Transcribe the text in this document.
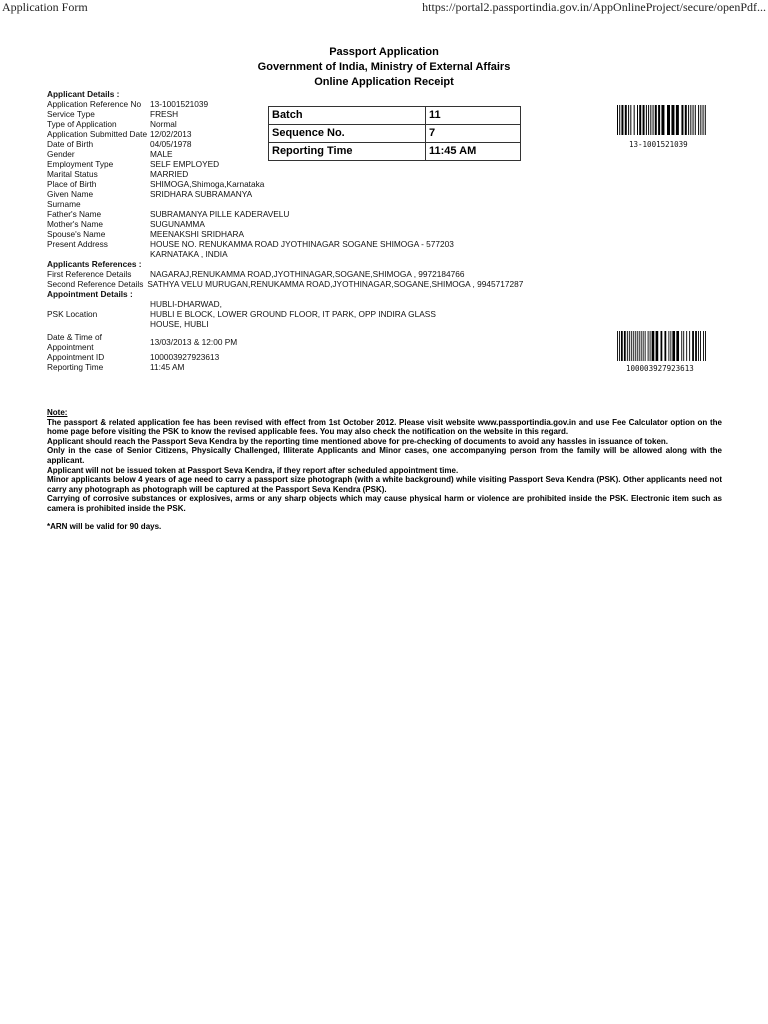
Application Form	https://portal2.passportindia.gov.in/AppOnlineProject/secure/openPdf...
Passport Application
Government of India, Ministry of External Affairs
Online Application Receipt
Applicant Details :
Application Reference No	13-1001521039
Service Type	FRESH
Type of Application	Normal
Application Submitted Date 12/02/2013
Date of Birth	04/05/1978
Gender	MALE
Employment Type	SELF EMPLOYED
Marital Status	MARRIED
Place of Birth	SHIMOGA,Shimoga,Karnataka
Given Name	SRIDHARA SUBRAMANYA
Surname
Father's Name	SUBRAMANYA PILLE KADERAVELU
Mother's Name	SUGUNAMMA
Spouse's Name	MEENAKSHI SRIDHARA
Present Address	HOUSE NO. RENUKAMMA ROAD JYOTHINAGAR SOGANE SHIMOGA - 577203
KARNATAKA , INDIA
Applicants References :
First Reference Details	NAGARAJ,RENUKAMMA ROAD,JYOTHINAGAR,SOGANE,SHIMOGA , 9972184766
Second Reference Details SATHYA VELU MURUGAN,RENUKAMMA ROAD,JYOTHINAGAR,SOGANE,SHIMOGA , 9945717287
Appointment Details :
HUBLI-DHARWAD,
PSK Location	HUBLI E BLOCK, LOWER GROUND FLOOR, IT PARK, OPP INDIRA GLASS
HOUSE, HUBLI
Date & Time of
Appointment	13/03/2013 & 12:00 PM
Appointment ID	100003927923613
Reporting Time	11:45 AM
Batch	11
Sequence No.	7
Reporting Time	11:45 AM
13-1001521039
100003927923613

Note:

The passport & related application fee has been revised with effect from 1st October 2012. Please visit website www.passportindia.gov.in and use Fee Calculator option on the home page before visiting the PSK to know the revised applicable fees. You may also check the notification on the website in this regard.

Applicant should reach the Passport Seva Kendra by the reporting time mentioned above for pre-checking of documents to avoid any hassles in issuance of token.

Only in the case of Senior Citizens, Physically Challenged, Illiterate Applicants and Minor cases, one accompanying person from the family will be allowed along with the applicant.

Applicant will not be issued token at Passport Seva Kendra, if they report after scheduled appointment time.

Minor applicants below 4 years of age need to carry a passport size photograph (with a white background) while visiting Passport Seva Kendra (PSK). Other applicants need not carry any photograph as photograph will be captured at the Passport Seva Kendra (PSK).

Carrying of corrosive substances or explosives, arms or any sharp objects which may cause physical harm or violence are prohibited inside the PSK. Electronic item such as camera is prohibited inside the PSK.

*ARN will be valid for 90 days.
